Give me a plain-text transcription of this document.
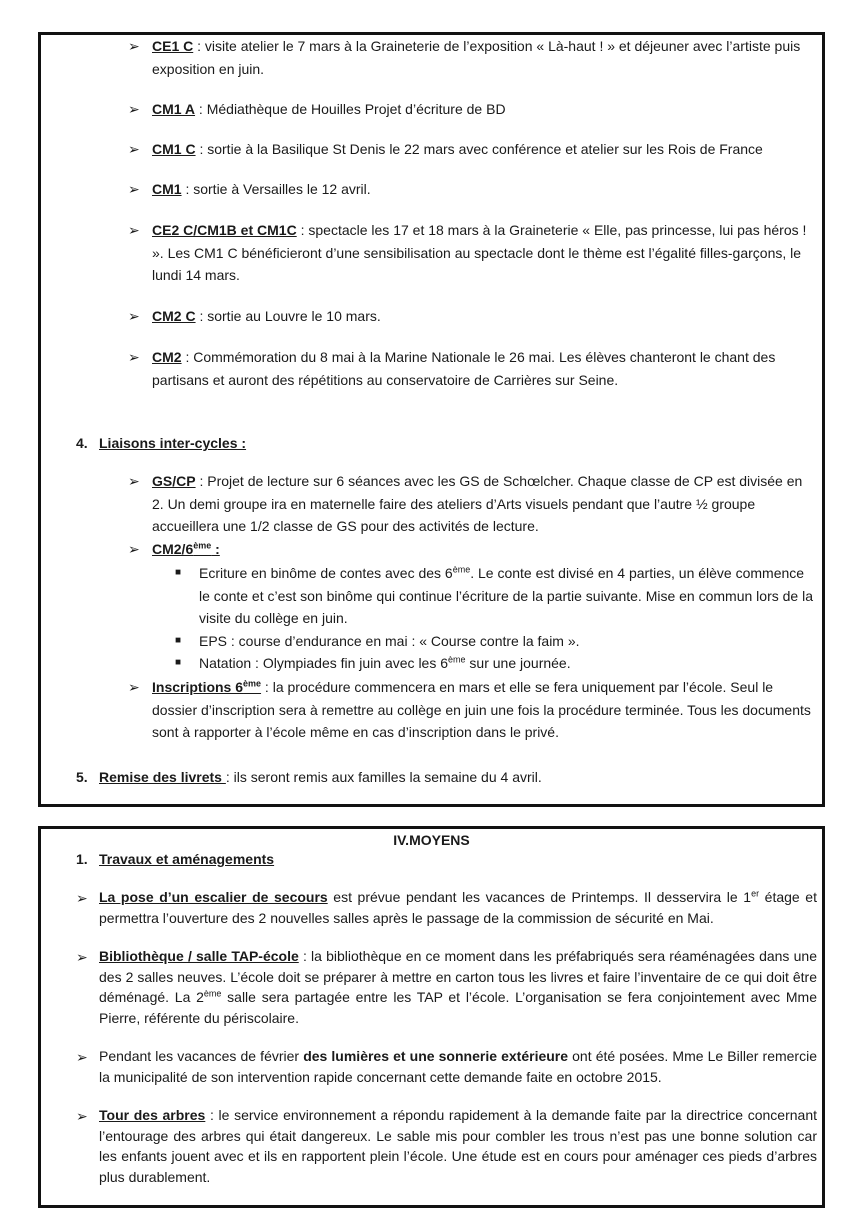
➢ CE1 C : visite atelier le 7 mars à la Graineterie de l’exposition « Là-haut ! » et déjeuner avec l’artiste puis exposition en juin.

➢ CM1 A : Médiathèque de Houilles Projet d’écriture de BD

➢ CM1 C : sortie à la Basilique St Denis le 22 mars avec conférence et atelier sur les Rois de France

➢ CM1 : sortie à Versailles le 12 avril.

➢ CE2 C/CM1B et CM1C : spectacle les 17 et 18 mars à la Graineterie « Elle, pas princesse, lui pas héros ! ». Les CM1 C bénéficieront d’une sensibilisation au spectacle dont le thème est l’égalité filles-garçons, le lundi 14 mars.

➢ CM2 C : sortie au Louvre le 10 mars.

➢ CM2 : Commémoration du 8 mai à la Marine Nationale le 26 mai. Les élèves chanteront le chant des partisans et auront des répétitions au conservatoire de Carrières sur Seine.

4. Liaisons inter-cycles :
➢ GS/CP : Projet de lecture sur 6 séances avec les GS de Schœlcher. Chaque classe de CP est divisée en 2. Un demi groupe ira en maternelle faire des ateliers d’Arts visuels pendant que l’autre ½ groupe accueillera une 1/2 classe de GS pour des activités de lecture.

➢ CM2/6ème :

■ Ecriture en binôme de contes avec des 6ème. Le conte est divisé en 4 parties, un élève commence le conte et c’est son binôme qui continue l’écriture de la partie suivante. Mise en commun lors de la visite du collège en juin.

■ EPS : course d’endurance en mai : « Course contre la faim ».

■ Natation : Olympiades fin juin avec les 6ème sur une journée.

➢ Inscriptions 6ème : la procédure commencera en mars et elle se fera uniquement par l’école. Seul le dossier d’inscription sera à remettre au collège en juin une fois la procédure terminée. Tous les documents sont à rapporter à l’école même en cas d’inscription dans le privé.

5. Remise des livrets : ils seront remis aux familles la semaine du 4 avril.

IV.MOYENS

1. Travaux et aménagements
➢ La pose d’un escalier de secours est prévue pendant les vacances de Printemps. Il desservira le 1er étage et permettra l’ouverture des 2 nouvelles salles après le passage de la commission de sécurité en Mai.

➢ Bibliothèque / salle TAP-école : la bibliothèque en ce moment dans les préfabriqués sera réaménagées dans une des 2 salles neuves. L’école doit se préparer à mettre en carton tous les livres et faire l’inventaire de ce qui doit être déménagé. La 2ème salle sera partagée entre les TAP et l’école. L’organisation se fera conjointement avec Mme Pierre, référente du périscolaire.

➢ Pendant les vacances de février des lumières et une sonnerie extérieure ont été posées. Mme Le Biller remercie la municipalité de son intervention rapide concernant cette demande faite en octobre 2015.

➢ Tour des arbres : le service environnement a répondu rapidement à la demande faite par la directrice concernant l’entourage des arbres qui était dangereux. Le sable mis pour combler les trous n’est pas une bonne solution car les enfants jouent avec et ils en rapportent plein l’école. Une étude est en cours pour aménager ces pieds d’arbres plus durablement.
